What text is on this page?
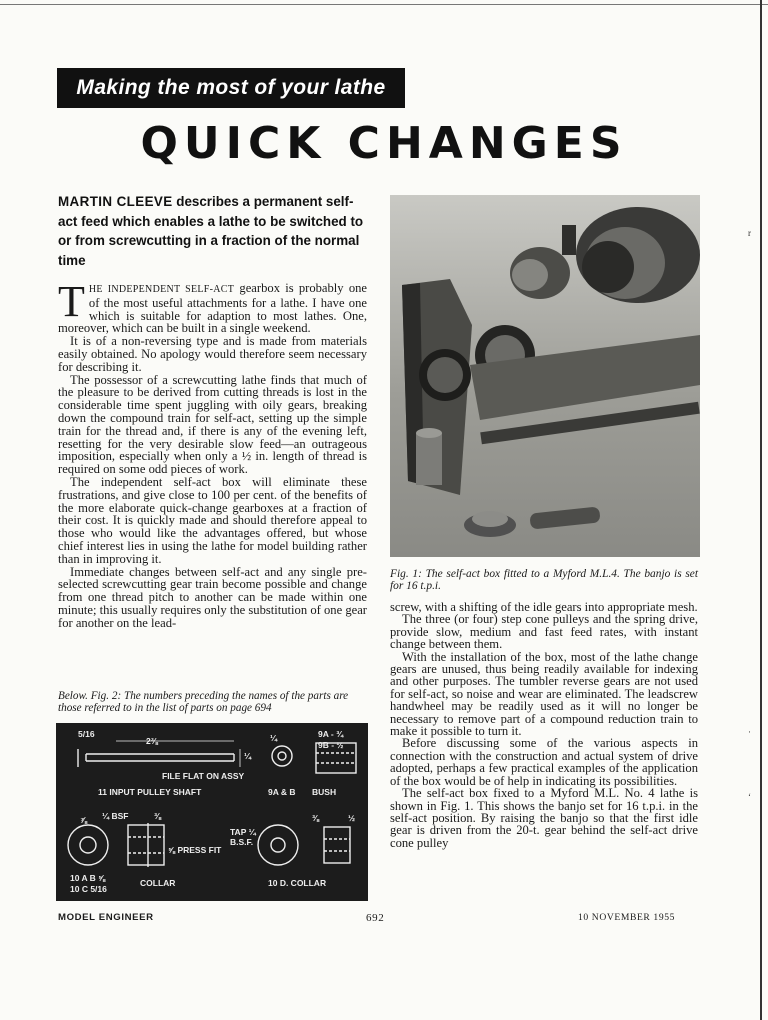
r
·
ʻ
Making the most of your lathe
QUICK CHANGES
MARTIN CLEEVE describes a permanent self-act feed which enables a lathe to be switched to or from screwcutting in a fraction of the normal time

THE INDEPENDENT SELF-ACT gearbox is probably one of the most useful attachments for a lathe. I have one which is suitable for adaption to most lathes. One, moreover, which can be built in a single weekend.

It is of a non-reversing type and is made from materials easily obtained. No apology would therefore seem necessary for describing it.

The possessor of a screwcutting lathe finds that much of the pleasure to be derived from cutting threads is lost in the considerable time spent juggling with oily gears, breaking down the compound train for self-act, setting up the simple train for the thread and, if there is any of the evening left, resetting for the very desirable slow feed—an outrageous imposition, especially when only a ½ in. length of thread is required on some odd pieces of work.

The independent self-act box will eliminate these frustrations, and give close to 100 per cent. of the benefits of the more elaborate quick-change gearboxes at a fraction of their cost. It is quickly made and should therefore appeal to those who would like the advantages offered, but whose chief interest lies in using the lathe for model building rather than in improving it.

Immediate changes between self-act and any single pre-selected screwcutting gear train become possible and change from one thread pitch to another can be made within one minute; this usually requires only the substitution of one gear for another on the lead-

Below. Fig. 2: The numbers preceding the names of the parts are those referred to in the list of parts on page 694
5/16
2⅜
¼
FILE FLAT ON ASSY
11 INPUT PULLEY SHAFT	9A & B BUSH
9A - ¾
9B - ½
¼
¼ BSF
⅞	⅜
⅝ PRESS FIT
10 A B ⅝
10 C 5/16
COLLAR
TAP ¼ B.S.F.
10 D. COLLAR
⅜	½
Fig. 1: The self-act box fitted to a Myford M.L.4. The banjo is set for 16 t.p.i.

screw, with a shifting of the idle gears into appropriate mesh.

The three (or four) step cone pulleys and the spring drive, provide slow, medium and fast feed rates, with instant change between them.

With the installation of the box, most of the lathe change gears are unused, thus being readily available for indexing and other purposes. The tumbler reverse gears are not used for self-act, so noise and wear are eliminated. The leadscrew handwheel may be readily used as it will no longer be necessary to remove part of a compound reduction train to make it possible to turn it.

Before discussing some of the various aspects in connection with the construction and actual system of drive adopted, perhaps a few practical examples of the application of the box would be of help in indicating its possibilities.

The self-act box fixed to a Myford M.L. No. 4 lathe is shown in Fig. 1. This shows the banjo set for 16 t.p.i. in the self-act position. By raising the banjo so that the first idle gear is driven from the 20-t. gear behind the self-act drive cone pulley

MODEL ENGINEER	692	10 NOVEMBER 1955
